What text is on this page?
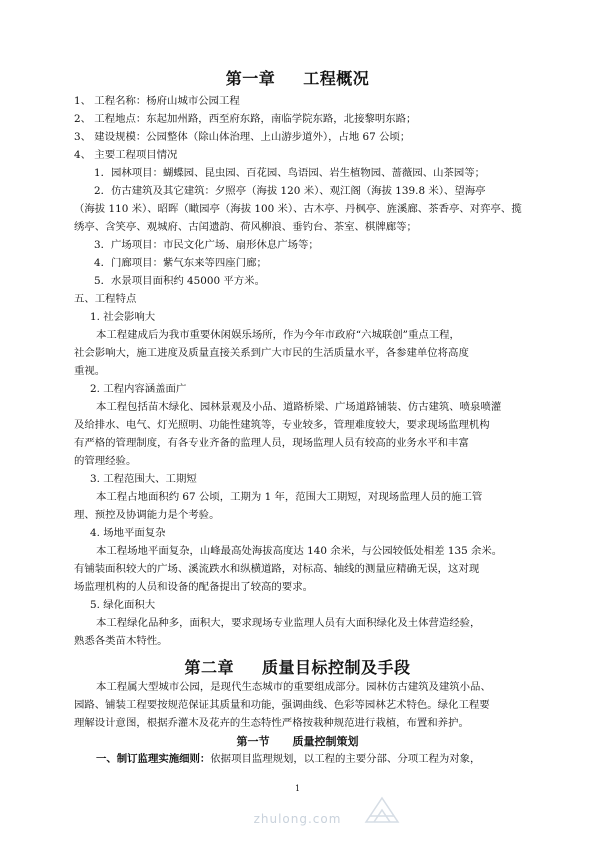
第一章 工程概况
1、 工程名称：杨府山城市公园工程
2、 工程地点：东起加州路，西至府东路，南临学院东路，北接黎明东路；
3、 建设规模：公园整体（除山体治理、上山游步道外），占地 67 公顷；
4、 主要工程项目情况
1．园林项目：蝴蝶园、昆虫园、百花园、鸟语园、岩生植物园、蔷薇园、山茶园等；
2．仿古建筑及其它建筑：夕照亭（海拔 120 米）、观江阁（海拔 139.8 米）、望海亭
（海拔 110 米）、昭晖（瞰园亭（海拔 100 米）、古木亭、丹枫亭、旌溪廊、茶香亭、对弈亭、揽
绣亭、含笑亭、观城府、古闰遗韵、荷风柳浪、垂钓台、茶室、棋牌廊等；
3．广场项目：市民文化广场、扇形休息广场等；
4．门廊项目：紫气东来等四座门廊；
5．水景项目面积约 45000 平方米。
五、工程特点
1. 社会影响大
本工程建成后为我市重要休闲娱乐场所，作为今年市政府“六城联创”重点工程，
社会影响大，施工进度及质量直接关系到广大市民的生活质量水平，各参建单位将高度
重视。
2. 工程内容涵盖面广
本工程包括苗木绿化、园林景观及小品、道路桥梁、广场道路铺装、仿古建筑、喷泉喷灌
及给排水、电气、灯光照明、功能性建筑等，专业较多，管理难度较大，要求现场监理机构
有严格的管理制度，有各专业齐备的监理人员，现场监理人员有较高的业务水平和丰富
的管理经验。
3. 工程范围大、工期短
本工程占地面积约 67 公顷，工期为 1 年，范围大工期短，对现场监理人员的施工管
理、预控及协调能力是个考验。
4. 场地平面复杂
本工程场地平面复杂，山峰最高处海拔高度达 140 余米，与公园较低处相差 135 余米。
有铺装面积较大的广场、溪流跌水和纵横道路，对标高、轴线的测量应精确无误，这对现
场监理机构的人员和设备的配备提出了较高的要求。
5. 绿化面积大
本工程绿化品种多，面积大，要求现场专业监理人员有大面积绿化及土体营造经验，
熟悉各类苗木特性。
第二章 质量目标控制及手段
本工程属大型城市公园，是现代生态城市的重要组成部分。园林仿古建筑及建筑小品、
园路、铺装工程要按规范保证其质量和功能，强调曲线、色彩等园林艺术特色。绿化工程要
理解设计意图，根据乔灌木及花卉的生态特性严格按栽种规范进行栽植，布置和养护。
第一节 质量控制策划
一、制订监理实施细则：依据项目监理规划，以工程的主要分部、分项工程为对象，
1
zhulong.com
